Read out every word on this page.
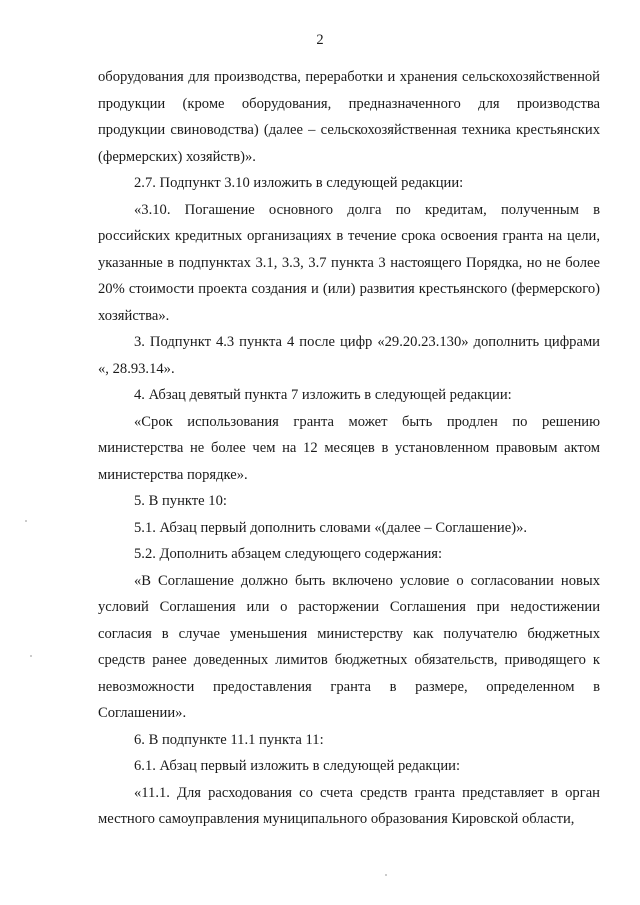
2

оборудования для производства, переработки и хранения сельскохозяйственной продукции (кроме оборудования, предназначенного для производства продукции свиноводства) (далее – сельскохозяйственная техника крестьянских (фермерских) хозяйств)».

2.7. Подпункт 3.10 изложить в следующей редакции:

«3.10. Погашение основного долга по кредитам, полученным в российских кредитных организациях в течение срока освоения гранта на цели, указанные в подпунктах 3.1, 3.3, 3.7 пункта 3 настоящего Порядка, но не более 20% стоимости проекта создания и (или) развития крестьянского (фермерского) хозяйства».

3. Подпункт 4.3 пункта 4 после цифр «29.20.23.130» дополнить цифрами «, 28.93.14».

4. Абзац девятый пункта 7 изложить в следующей редакции:

«Срок использования гранта может быть продлен по решению министерства не более чем на 12 месяцев в установленном правовым актом министерства порядке».

5. В пункте 10:

5.1. Абзац первый дополнить словами «(далее – Соглашение)».

5.2. Дополнить абзацем следующего содержания:

«В Соглашение должно быть включено условие о согласовании новых условий Соглашения или о расторжении Соглашения при недостижении согласия в случае уменьшения министерству как получателю бюджетных средств ранее доведенных лимитов бюджетных обязательств, приводящего к невозможности предоставления гранта в размере, определенном в Соглашении».

6. В подпункте 11.1 пункта 11:

6.1. Абзац первый изложить в следующей редакции:

«11.1. Для расходования со счета средств гранта представляет в орган местного самоуправления муниципального образования Кировской области,
